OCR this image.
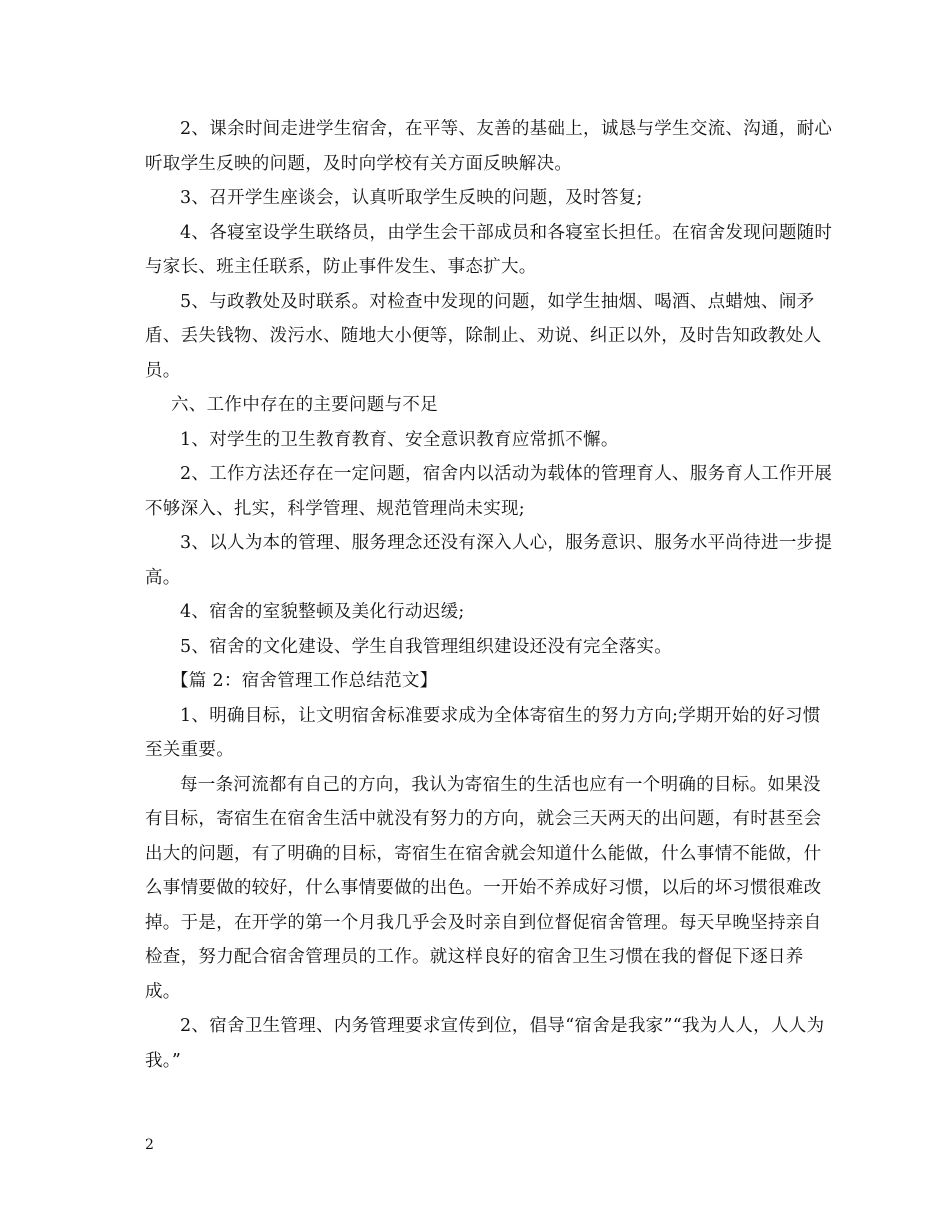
2、课余时间走进学生宿舍，在平等、友善的基础上，诚恳与学生交流、沟通，耐心听取学生反映的问题，及时向学校有关方面反映解决。

3、召开学生座谈会，认真听取学生反映的问题，及时答复;

4、各寝室设学生联络员，由学生会干部成员和各寝室长担任。在宿舍发现问题随时与家长、班主任联系，防止事件发生、事态扩大。

5、与政教处及时联系。对检查中发现的问题，如学生抽烟、喝酒、点蜡烛、闹矛盾、丢失钱物、泼污水、随地大小便等，除制止、劝说、纠正以外，及时告知政教处人员。

六、工作中存在的主要问题与不足

1、对学生的卫生教育教育、安全意识教育应常抓不懈。

2、工作方法还存在一定问题，宿舍内以活动为载体的管理育人、服务育人工作开展不够深入、扎实，科学管理、规范管理尚未实现;

3、以人为本的管理、服务理念还没有深入人心，服务意识、服务水平尚待进一步提高。

4、宿舍的室貌整顿及美化行动迟缓;

5、宿舍的文化建设、学生自我管理组织建设还没有完全落实。

【篇 2：宿舍管理工作总结范文】

1、明确目标，让文明宿舍标准要求成为全体寄宿生的努力方向;学期开始的好习惯至关重要。

每一条河流都有自己的方向，我认为寄宿生的生活也应有一个明确的目标。如果没有目标，寄宿生在宿舍生活中就没有努力的方向，就会三天两天的出问题，有时甚至会出大的问题，有了明确的目标，寄宿生在宿舍就会知道什么能做，什么事情不能做，什么事情要做的较好，什么事情要做的出色。一开始不养成好习惯，以后的坏习惯很难改掉。于是，在开学的第一个月我几乎会及时亲自到位督促宿舍管理。每天早晚坚持亲自检查，努力配合宿舍管理员的工作。就这样良好的宿舍卫生习惯在我的督促下逐日养成。

2、宿舍卫生管理、内务管理要求宣传到位，倡导“宿舍是我家”“我为人人，人人为我。”

2
